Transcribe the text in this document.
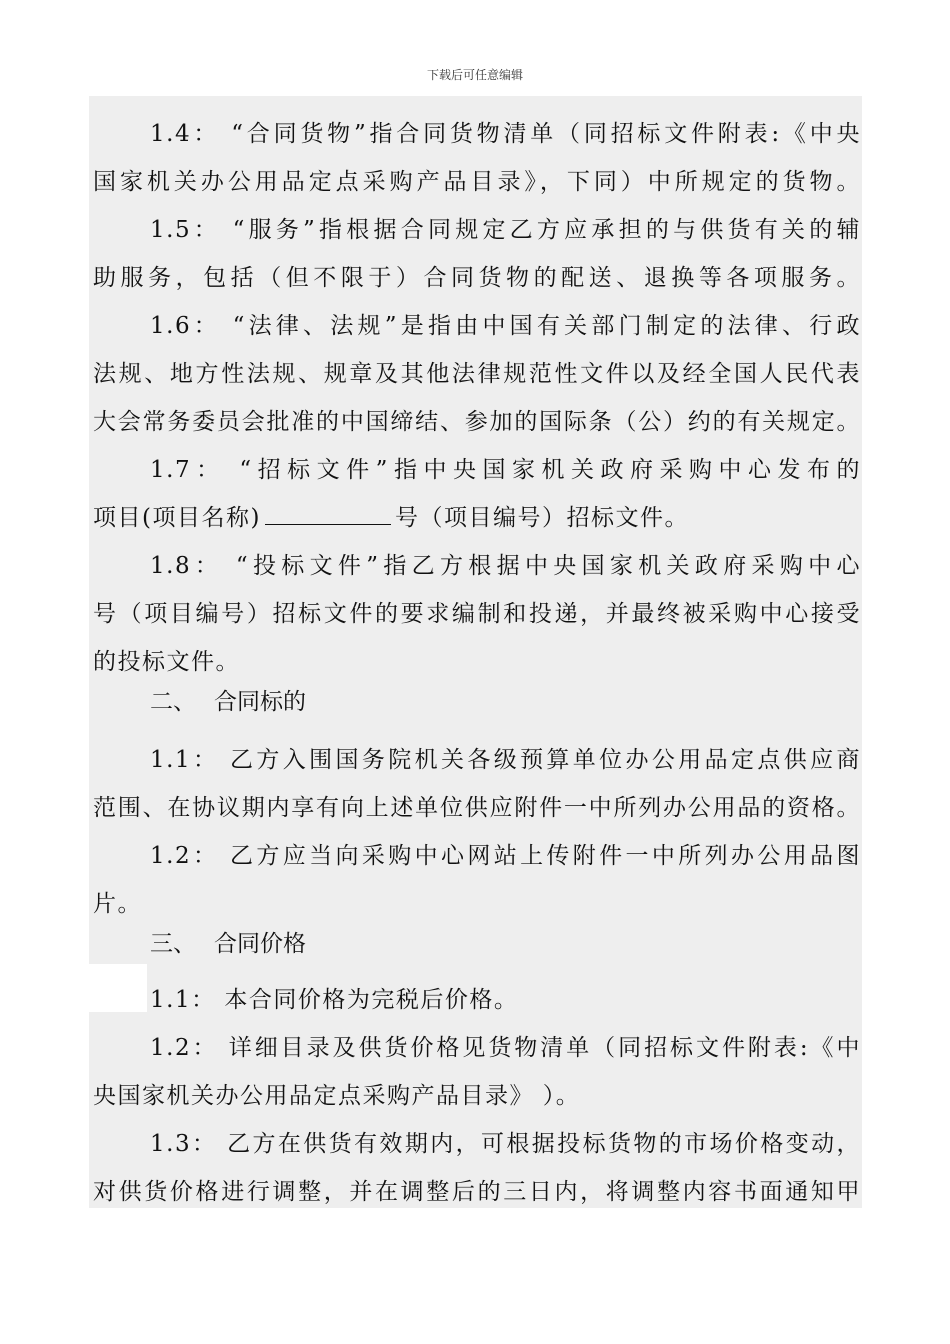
下载后可任意编辑
1.4： “合同货物”指合同货物清单（同招标文件附表:《中央
国家机关办公用品定点采购产品目录》，下同）中所规定的货物。
1.5： “服务”指根据合同规定乙方应承担的与供货有关的辅
助服务，包括（但不限于）合同货物的配送、退换等各项服务。
1.6： “法律、法规”是指由中国有关部门制定的法律、行政
法规、地方性法规、规章及其他法律规范性文件以及经全国人民代表
大会常务委员会批准的中国缔结、参加的国际条（公）约的有关规定。
1.7： “招标文件”指中央国家机关政府采购中心发布的
项目(项目名称)	号（项目编号）招标文件。
1.8： “投标文件”指乙方根据中央国家机关政府采购中心
号（项目编号）招标文件的要求编制和投递，并最终被采购中心接受
的投标文件。
二、 合同标的
1.1： 乙方入围国务院机关各级预算单位办公用品定点供应商
范围、在协议期内享有向上述单位供应附件一中所列办公用品的资格。
1.2： 乙方应当向采购中心网站上传附件一中所列办公用品图
片。
三、 合同价格
1.1： 本合同价格为完税后价格。
1.2： 详细目录及供货价格见货物清单（同招标文件附表:《中
央国家机关办公用品定点采购产品目录》 ）。
1.3： 乙方在供货有效期内，可根据投标货物的市场价格变动，
对供货价格进行调整，并在调整后的三日内，将调整内容书面通知甲
